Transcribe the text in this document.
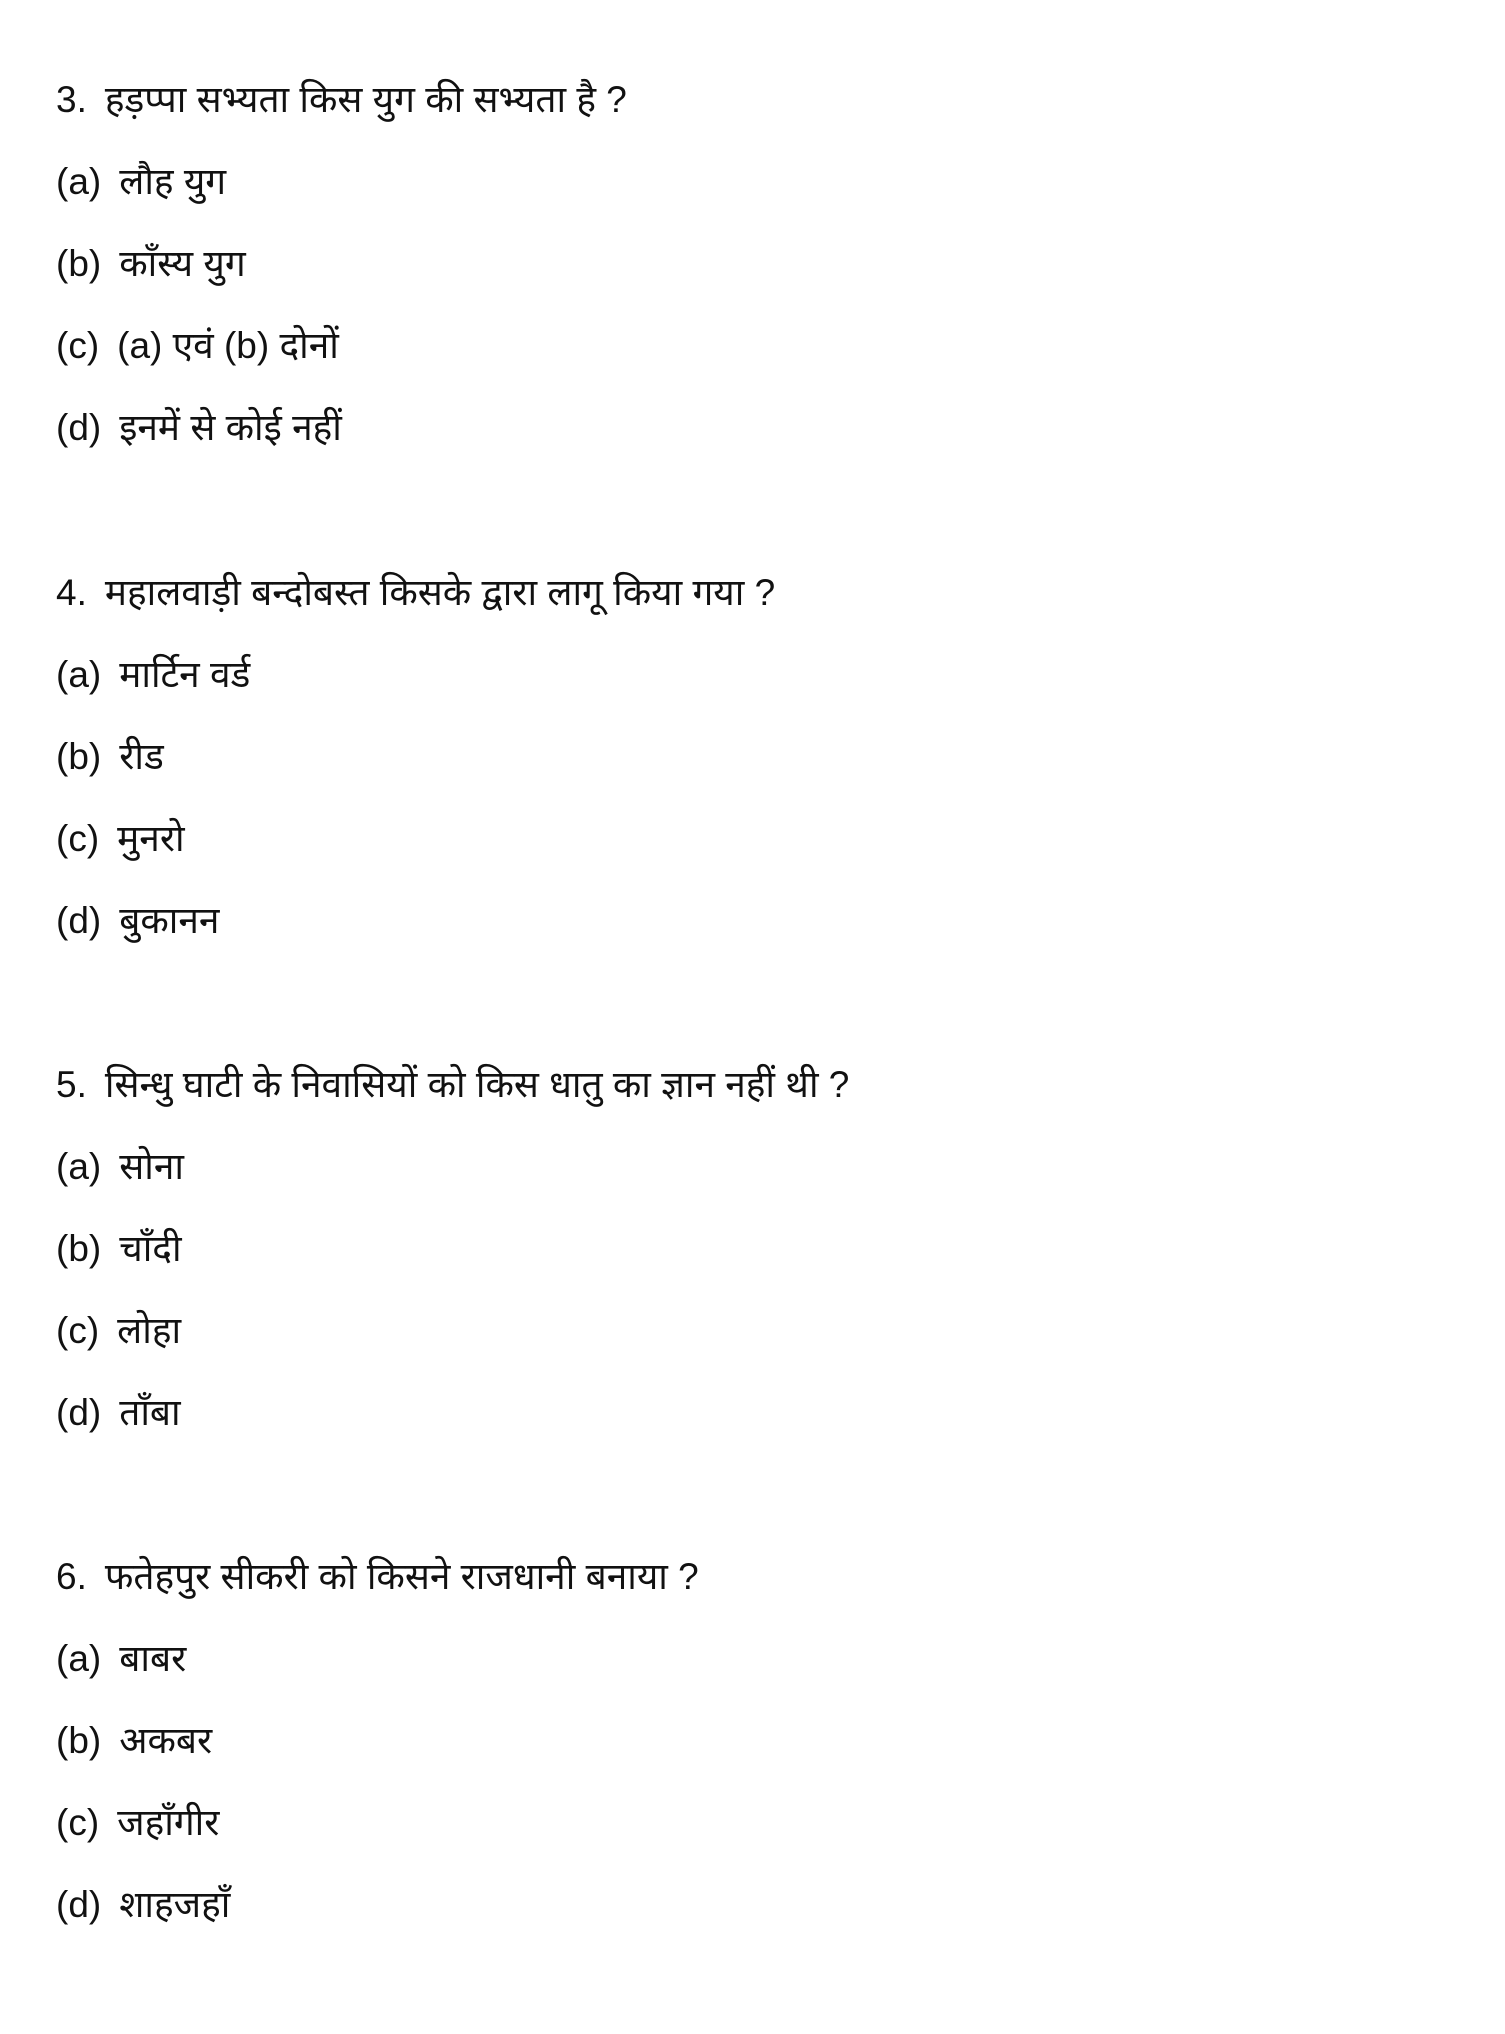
3. हड़प्पा सभ्यता किस युग की सभ्यता है ?
(a) लौह युग
(b) काँस्य युग
(c) (a) एवं (b) दोनों
(d) इनमें से कोई नहीं
4. महालवाड़ी बन्दोबस्त किसके द्वारा लागू किया गया ?
(a) मार्टिन वर्ड
(b) रीड
(c) मुनरो
(d) बुकानन
5. सिन्धु घाटी के निवासियों को किस धातु का ज्ञान नहीं थी ?
(a) सोना
(b) चाँदी
(c) लोहा
(d) ताँबा
6. फतेहपुर सीकरी को किसने राजधानी बनाया ?
(a) बाबर
(b) अकबर
(c) जहाँगीर
(d) शाहजहाँ
